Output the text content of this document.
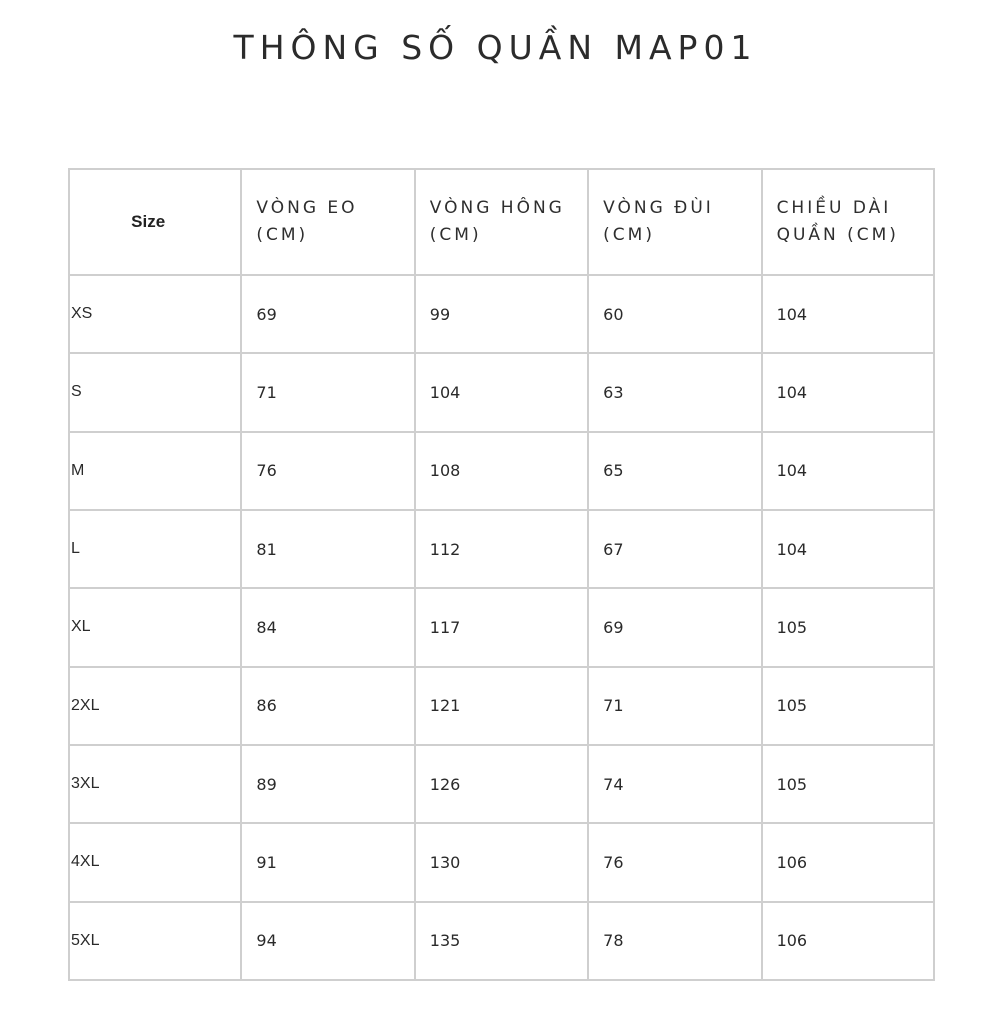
THÔNG SỐ QUẦN MAP01
Size	VÒNG EO (CM)	VÒNG HÔNG (CM)	VÒNG ĐÙI (CM)	CHIỀU DÀI QUẦN (CM)
XS	69	99	60	104
S	71	104	63	104
M	76	108	65	104
L	81	112	67	104
XL	84	117	69	105
2XL	86	121	71	105
3XL	89	126	74	105
4XL	91	130	76	106
5XL	94	135	78	106
